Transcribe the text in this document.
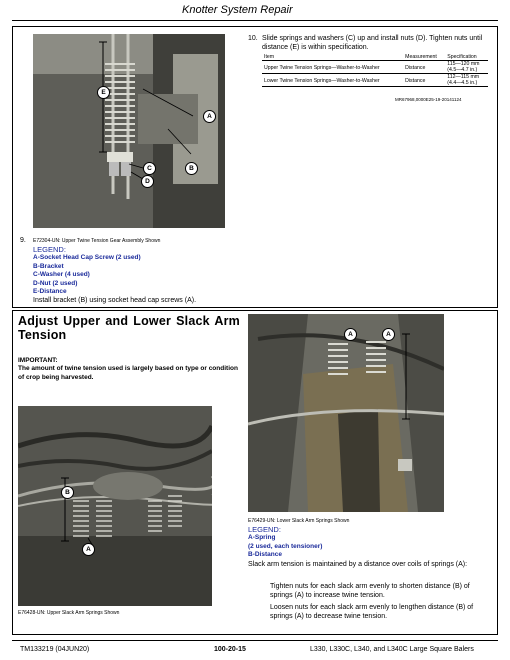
Knotter System Repair
E
A
C
D
B
10. Slide springs and washers (C) up and install nuts (D). Tighten nuts until distance (E) is within specification.
Item	Measurement	Specification
Upper Twine Tension Springs—Washer-to-Washer	Distance	115—120 mm
(4.5—4.7 in.)

Lower Twine Tension Springs—Washer-to-Washer	Distance	112—115 mm
(4.4—4.5 in.)
MR67968,0000E25-19-20141124
9. E72304-UN: Upper Twine Tension Gear Assembly Shown
LEGEND:
A-Socket Head Cap Screw (2 used)
B-Bracket
C-Washer (4 used)
D-Nut (2 used)
E-Distance
Install bracket (B) using socket head cap screws (A).
Adjust Upper and Lower Slack Arm
Tension
IMPORTANT:
The amount of twine tension used is largely based on type or condition of crop being harvested.
B
A
E76428-UN: Upper Slack Arm Springs Shown
A	A
E76429-UN: Lower Slack Arm Springs Shown
LEGEND:
A-Spring
(2 used, each tensioner)
B-Distance
Slack arm tension is maintained by a distance over coils of springs (A):
Tighten nuts for each slack arm evenly to shorten distance (B) of springs (A) to increase twine tension.
Loosen nuts for each slack arm evenly to lengthen distance (B) of springs (A) to decrease twine tension.
TM133219 (04JUN20)	100-20-15	L330, L330C, L340, and L340C Large Square Balers
